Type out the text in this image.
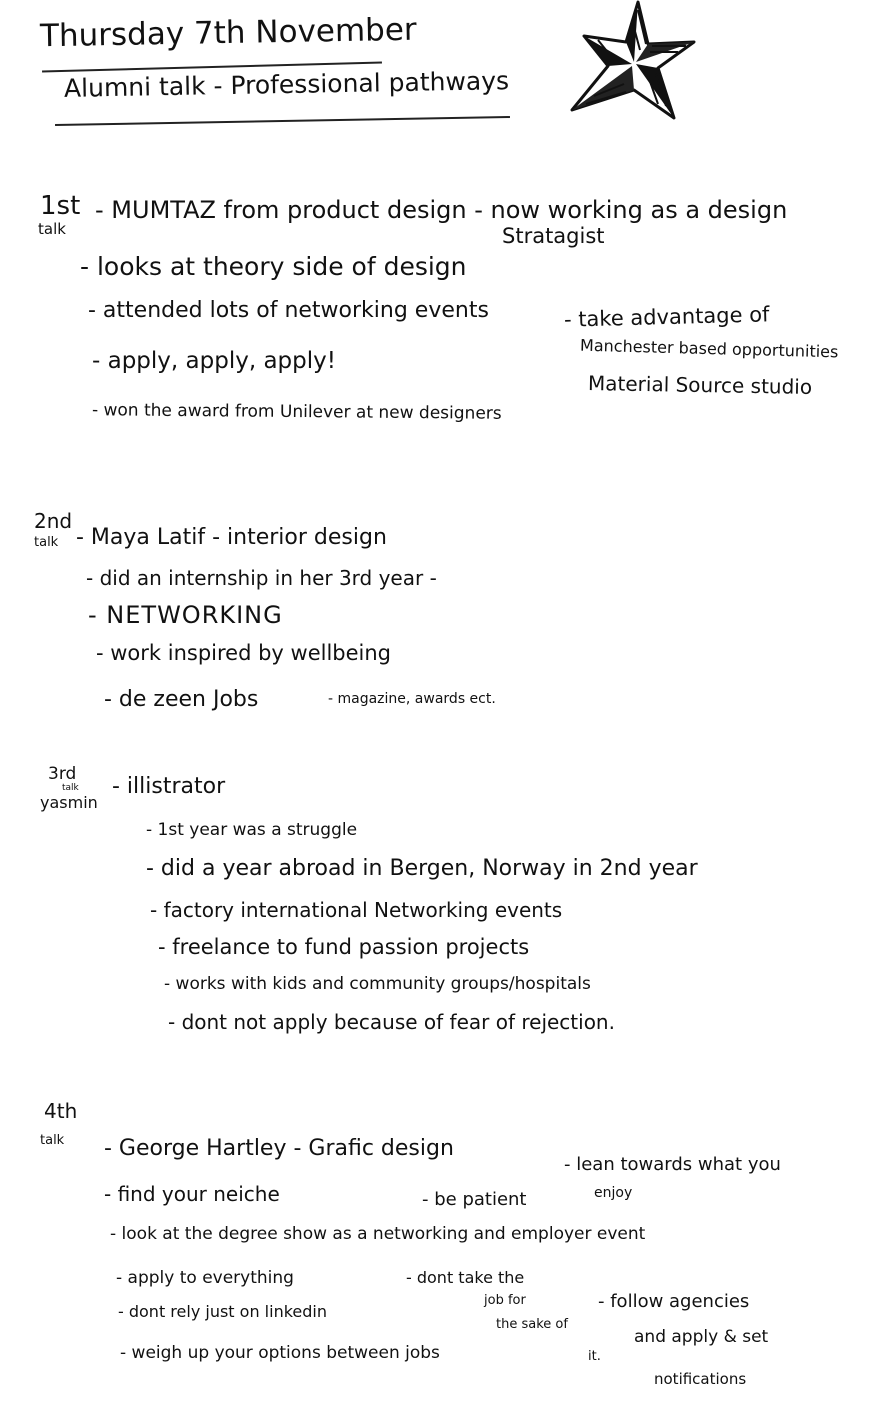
Thursday 7th November
Alumni talk - Professional pathways
1st
talk
- MUMTAZ from product design - now working as a design
Stratagist
- looks at theory side of design
- attended lots of networking events	- take advantage of
Manchester based opportunities
- apply, apply, apply!
Material Source studio
- won the award from Unilever at new designers
2nd
talk - Maya Latif - interior design
- did an internship in her 3rd year -
- NETWORKING
- work inspired by wellbeing
- de zeen Jobs	- magazine, awards ect.
3rd
talk
yasmin
- illistrator
- 1st year was a struggle
- did a year abroad in Bergen, Norway in 2nd year
- factory international Networking events
- freelance to fund passion projects
- works with kids and community groups/hospitals
- dont not apply because of fear of rejection.
4th
talk - George Hartley - Grafic design
- lean towards what you
enjoy
- find your neiche	- be patient
- look at the degree show as a networking and employer event
- apply to everything	- dont take the
job for
the sake of
it.
- follow agencies
and apply & set
notifications
- dont rely just on linkedin
- weigh up your options between jobs
